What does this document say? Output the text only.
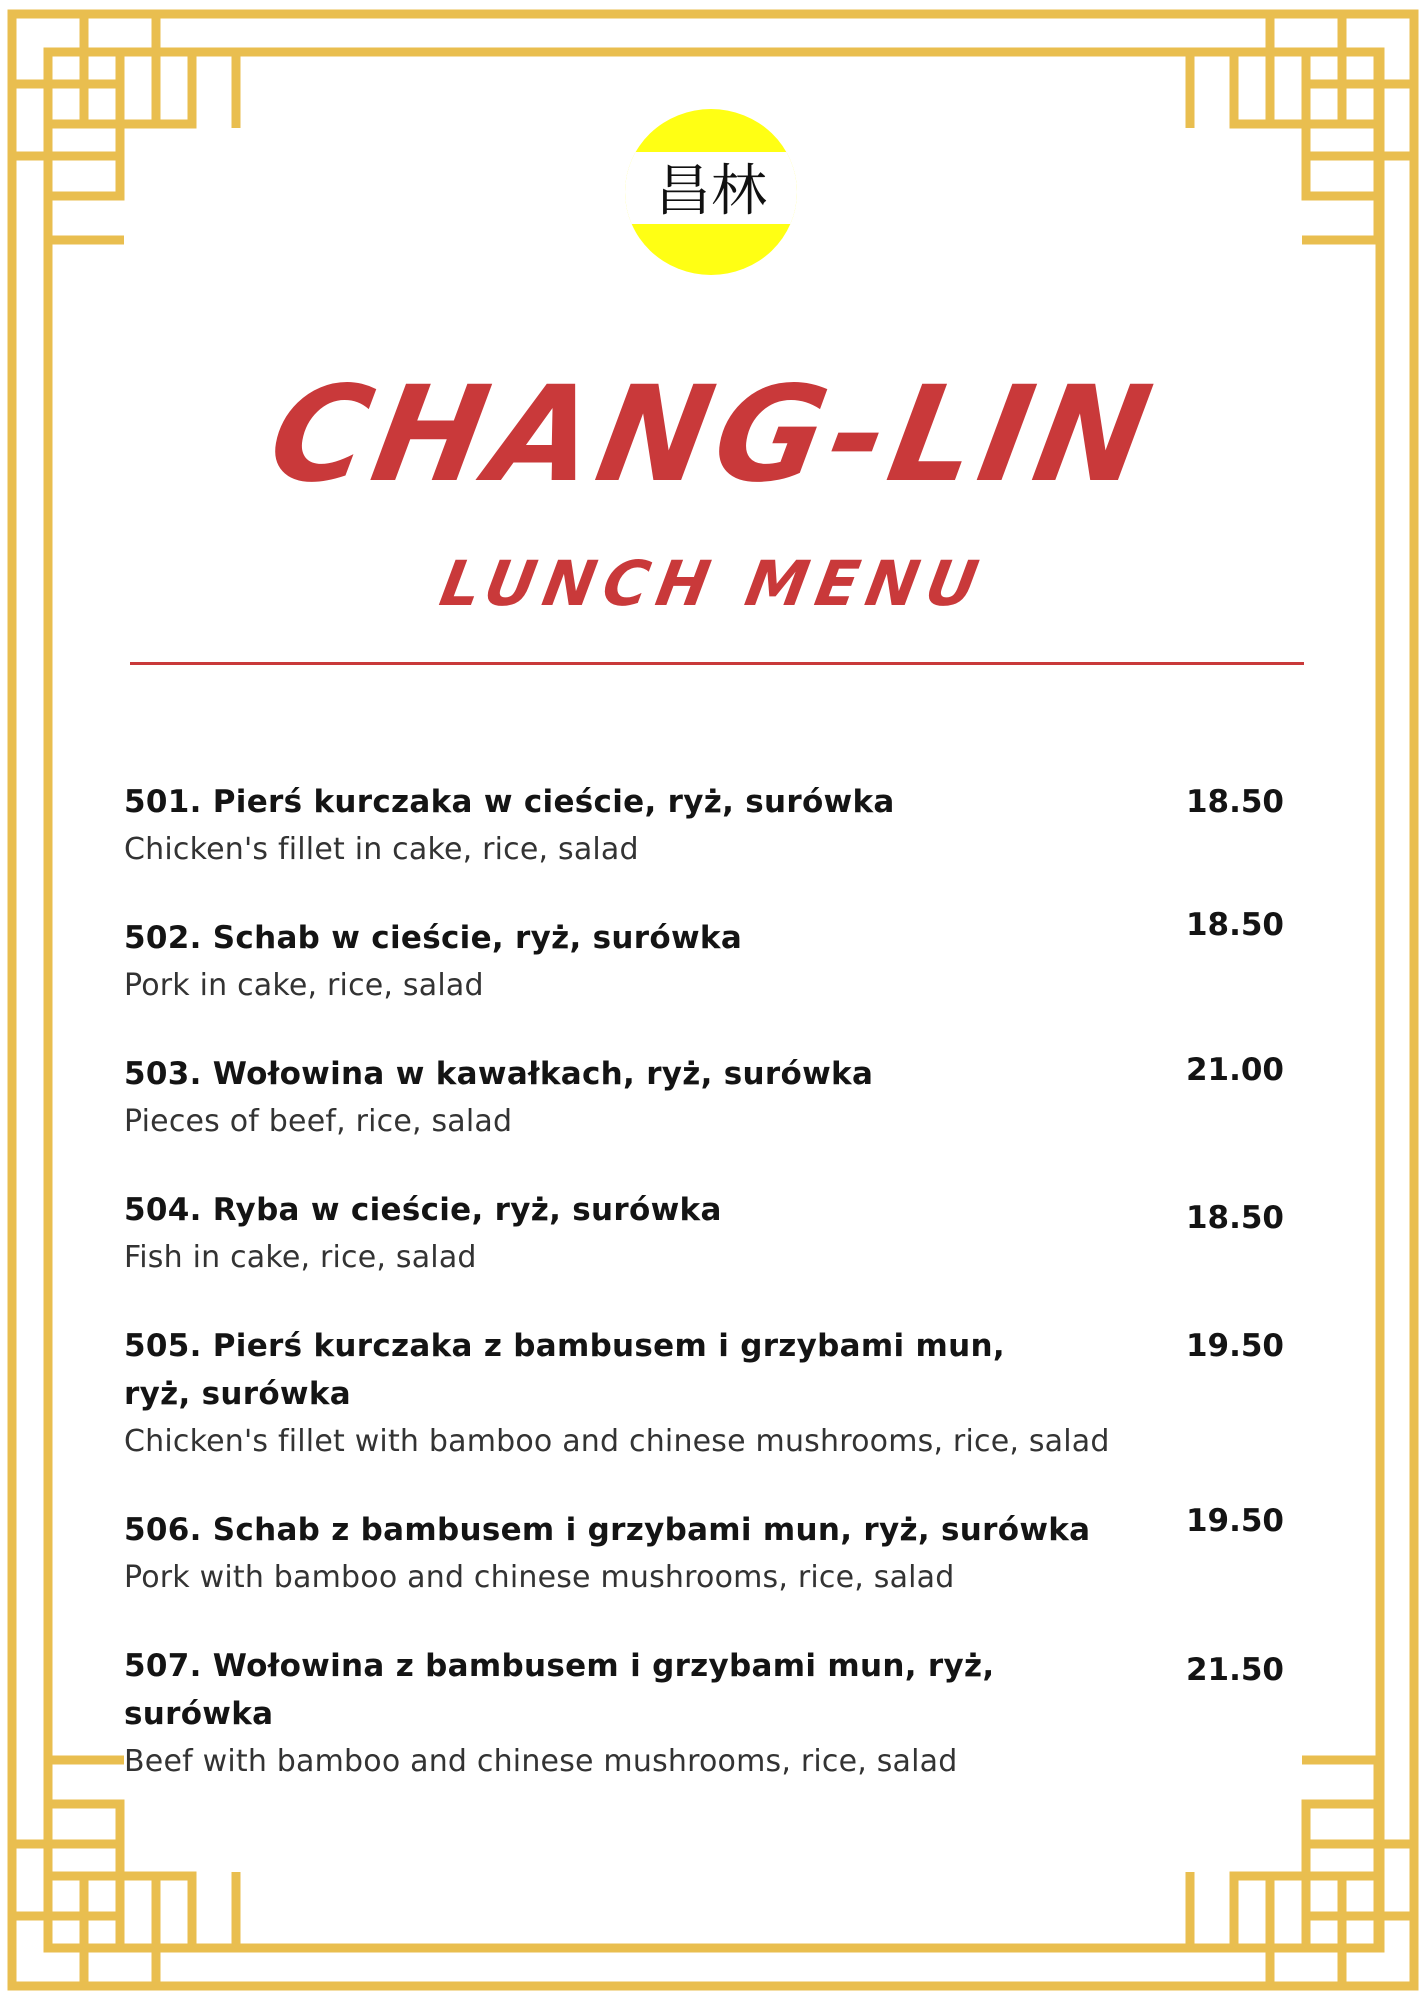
昌林
CHANG-LIN
LUNCH MENU
18.50
501. Pierś kurczaka w cieście, ryż, surówka
Chicken's fillet in cake, rice, salad
18.50
502. Schab w cieście, ryż, surówka
Pork in cake, rice, salad
21.00
503. Wołowina w kawałkach, ryż, surówka
Pieces of beef, rice, salad
18.50
504. Ryba w cieście, ryż, surówka
Fish in cake, rice, salad
19.50
505. Pierś kurczaka z bambusem i grzybami mun, ryż, surówka
Chicken's fillet with bamboo and chinese mushrooms, rice, salad
19.50
506. Schab z bambusem i grzybami mun, ryż, surówka
Pork with bamboo and chinese mushrooms, rice, salad
21.50
507. Wołowina z bambusem i grzybami mun, ryż, surówka
Beef with bamboo and chinese mushrooms, rice, salad
